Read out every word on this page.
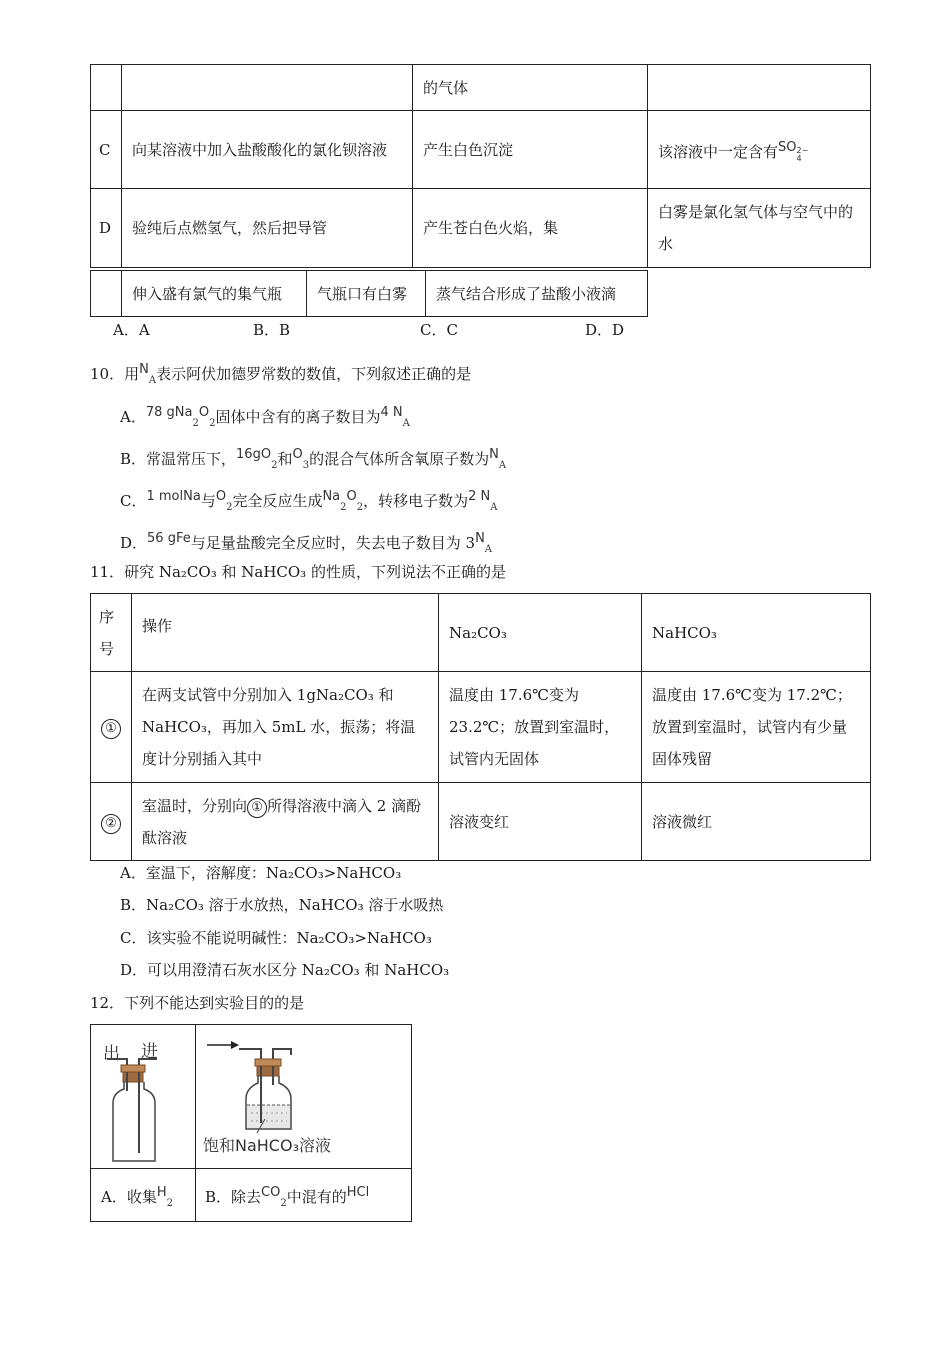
		的气体	
C	向某溶液中加入盐酸酸化的氯化钡溶液	产生白色沉淀	该溶液中一定含有SO 2−
4

D	验纯后点燃氢气，然后把导管	产生苍白色火焰，集	白雾是氯化氢气体与空气中的水
	伸入盛有氯气的集气瓶	气瓶口有白雾	蒸气结合形成了盐酸小液滴
A．A	B．B	C．C	D．D
10．用$N_A$表示阿伏加德罗常数的数值，下列叙述正确的是
A．78 $gNa_2O_2$固体中含有的离子数目为4 $N_A$
B．常温常压下，$16gO_2$和$O_3$的混合气体所含氧原子数为$N_A$
C．1 molNa与$O_2$完全反应生成$Na_2O_2$，转移电子数为2 $N_A$
D．56 gFe与足量盐酸完全反应时，失去电子数目为 $3N_A$
11．研究 Na₂CO₃ 和 NaHCO₃ 的性质，下列说法不正确的是
序号	操作	Na₂CO₃	NaHCO₃
①	在两支试管中分别加入 1gNa₂CO₃ 和 NaHCO₃，再加入 5mL 水，振荡；将温度计分别插入其中	温度由 17.6℃变为 23.2℃；放置到室温时，试管内无固体	温度由 17.6℃变为 17.2℃；放置到室温时，试管内有少量固体残留
②	室温时，分别向 ① 所得溶液中滴入 2 滴酚酞溶液	溶液变红	溶液微红
A．室温下，溶解度：Na₂CO₃>NaHCO₃
B．Na₂CO₃ 溶于水放热，NaHCO₃ 溶于水吸热
C．该实验不能说明碱性：Na₂CO₃>NaHCO₃
D．可以用澄清石灰水区分 Na₂CO₃ 和 NaHCO₃
12．下列不能达到实验目的的是
出 进
饱和NaHCO₃溶液
A．收集$H_2$ B．除去$CO_2$中混有的HCl
